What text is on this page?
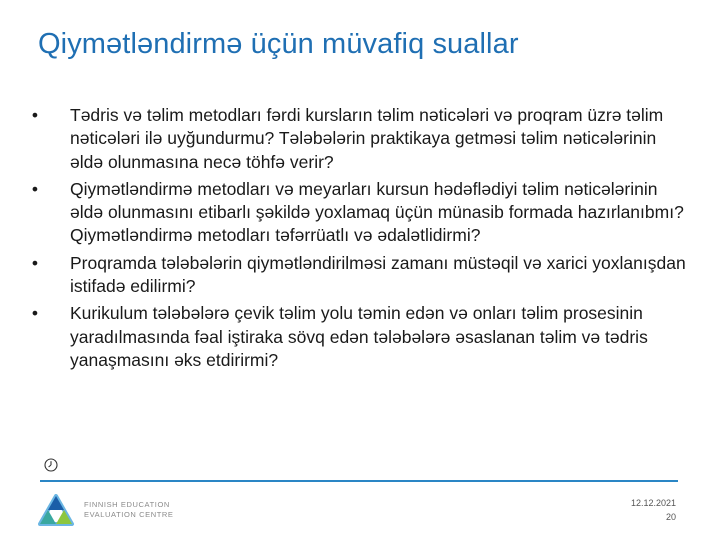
Qiymətləndirmə üçün müvafiq suallar
• Tədris və təlim metodları fərdi kursların təlim nəticələri və proqram üzrə təlim nəticələri ilə uyğundurmu? Tələbələrin praktikaya getməsi təlim nəticələrinin əldə olunmasına necə töhfə verir?
• Qiymətləndirmə metodları və meyarları kursun hədəflədiyi təlim nəticələrinin əldə olunmasını etibarlı şəkildə yoxlamaq üçün münasib formada hazırlanıbmı? Qiymətləndirmə metodları təfərrüatlı və ədalətlidirmi?
• Proqramda tələbələrin qiymətləndirilməsi zamanı müstəqil və xarici yoxlanışdan istifadə edilirmi?
• Kurikulum tələbələrə çevik təlim yolu təmin edən və onları təlim prosesinin yaradılmasında fəal iştiraka sövq edən tələbələrə əsaslanan təlim və tədris yanaşmasını əks etdirirmi?
FINNISH EDUCATION
EVALUATION CENTRE
12.12.2021
20
